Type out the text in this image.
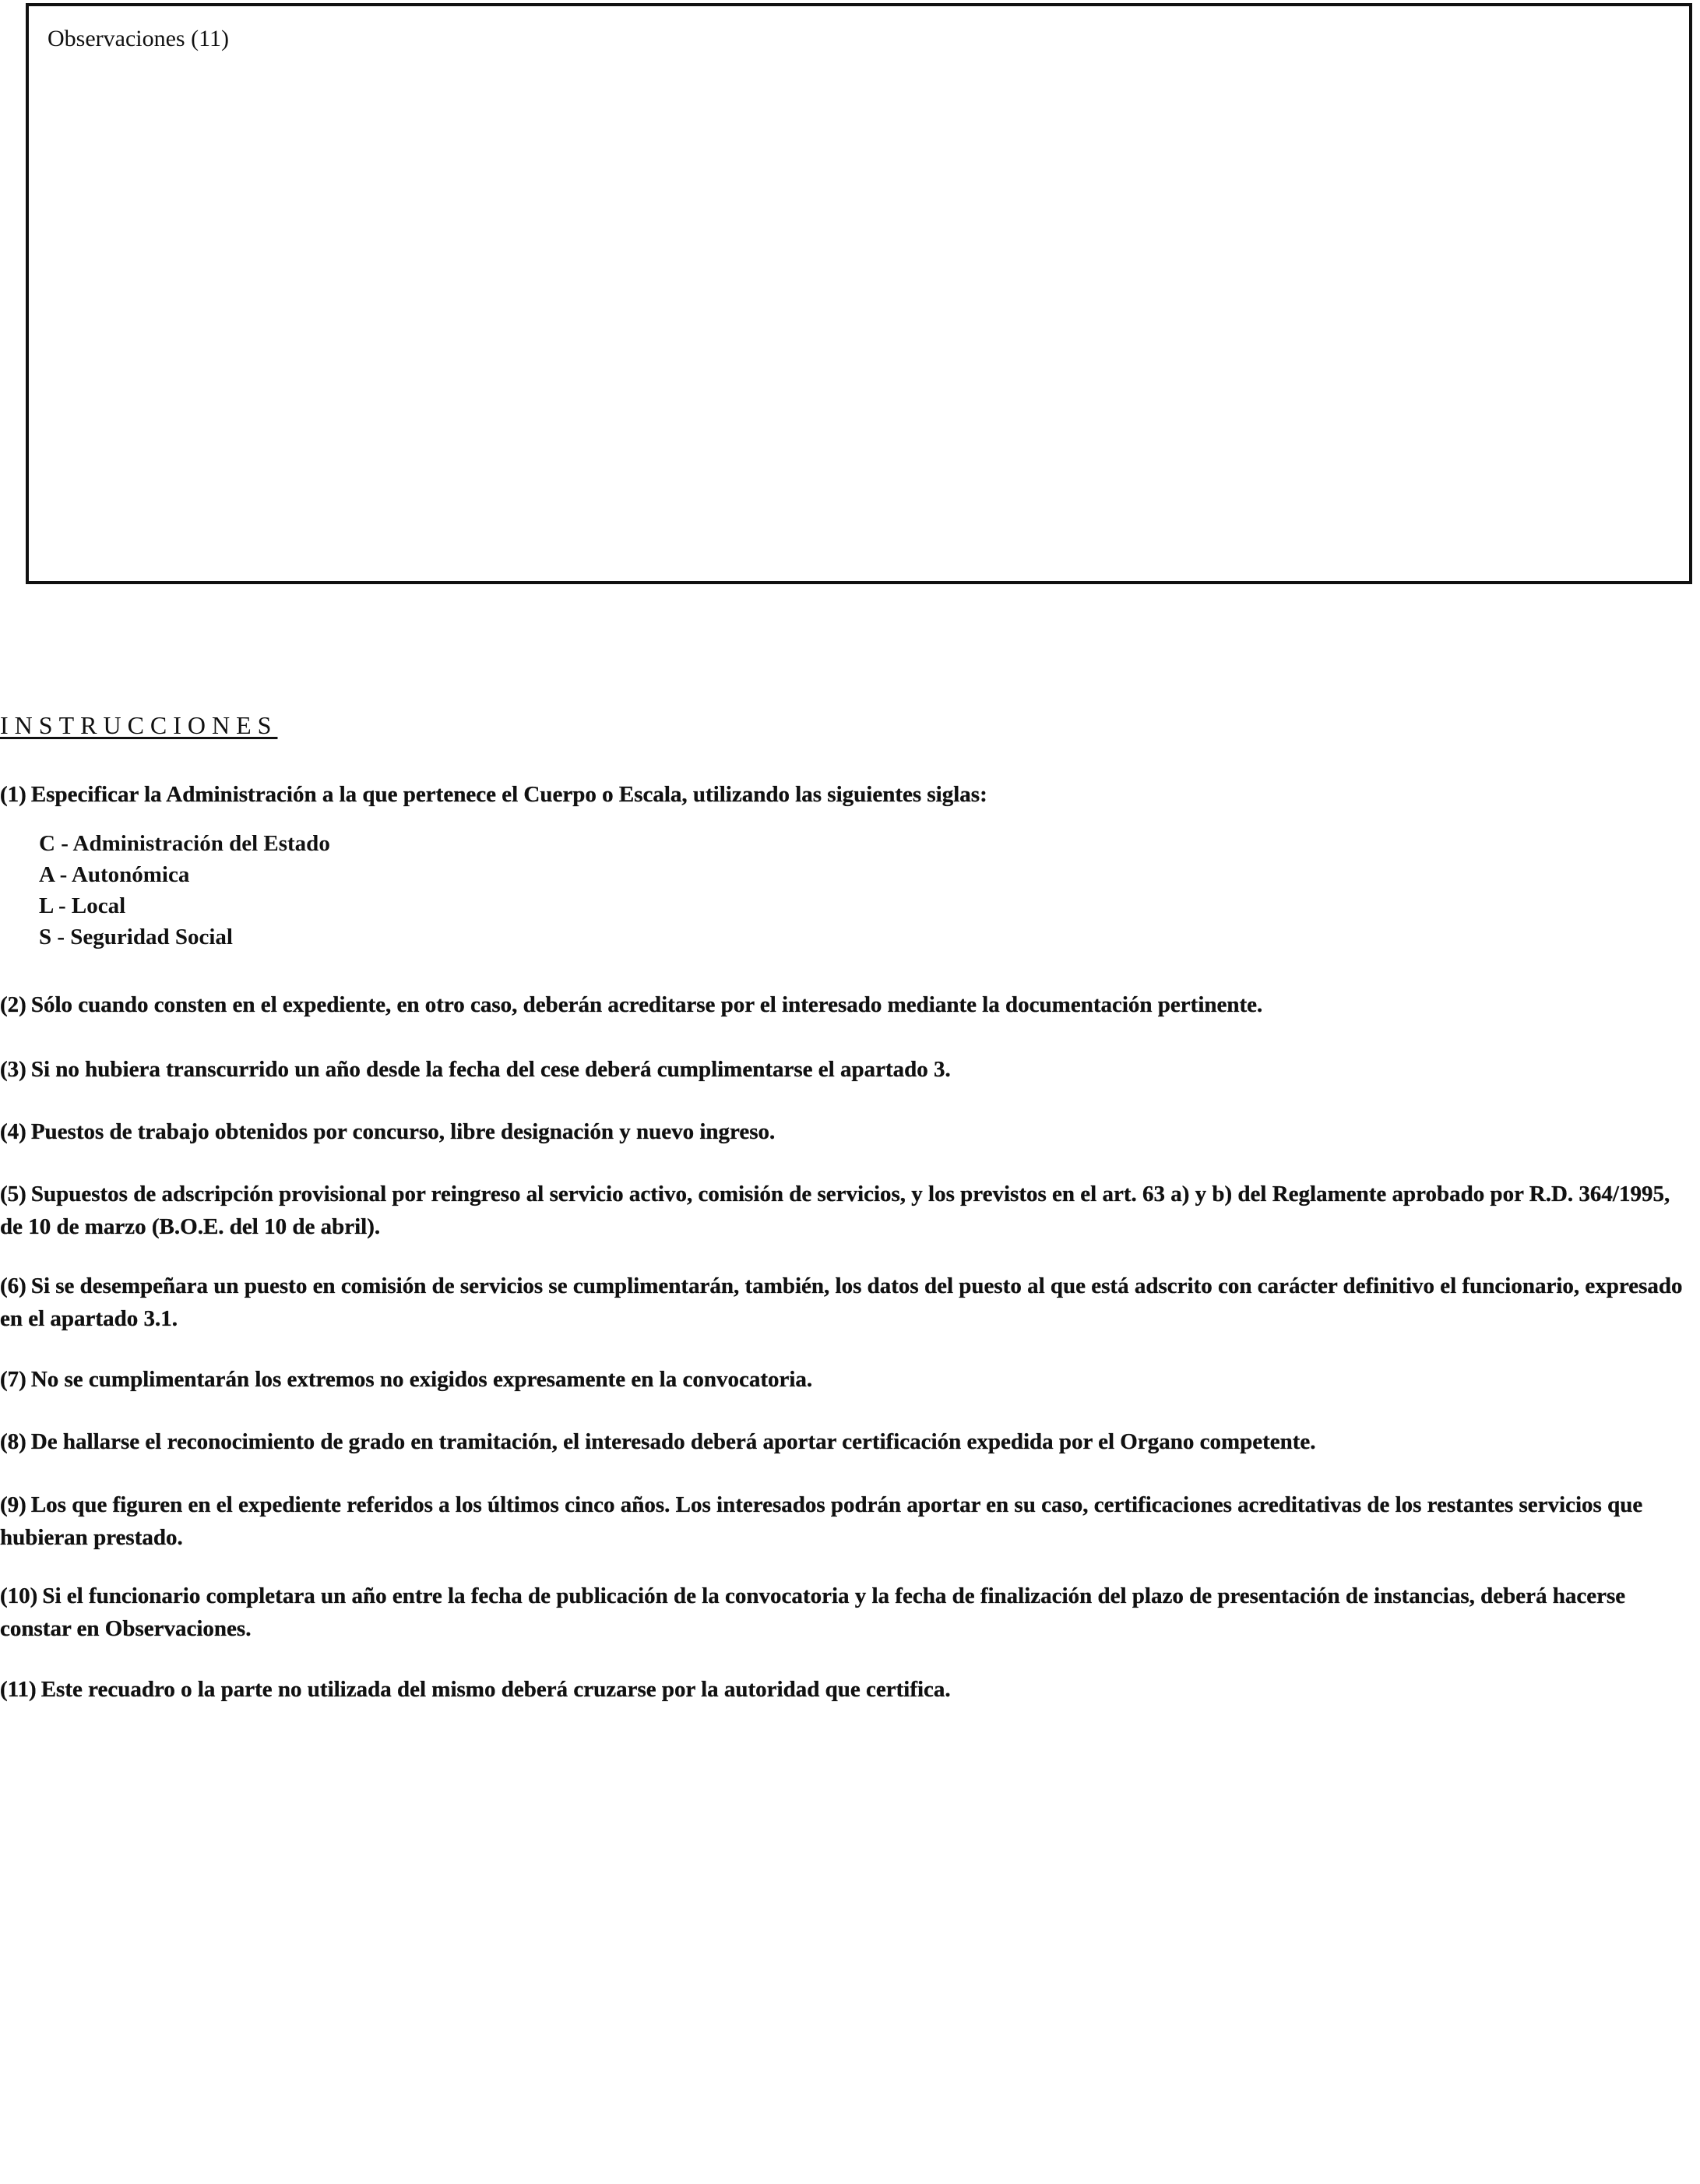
Observaciones (11)
INSTRUCCIONES
(1) Especificar la Administración a la que pertenece el Cuerpo o Escala, utilizando las siguientes siglas:
C - Administración del Estado
A - Autonómica
L - Local
S - Seguridad Social
(2) Sólo cuando consten en el expediente, en otro caso, deberán acreditarse por el interesado mediante la documentación pertinente.
(3) Si no hubiera transcurrido un año desde la fecha del cese deberá cumplimentarse el apartado 3.
(4) Puestos de trabajo obtenidos por concurso, libre designación y nuevo ingreso.
(5) Supuestos de adscripción provisional por reingreso al servicio activo, comisión de servicios, y los previstos en el art. 63 a) y b) del Reglamente aprobado por R.D. 364/1995, de 10 de marzo (B.O.E. del 10 de abril).
(6) Si se desempeñara un puesto en comisión de servicios se cumplimentarán, también, los datos del puesto al que está adscrito con carácter definitivo el funcionario, expresado en el apartado 3.1.
(7) No se cumplimentarán los extremos no exigidos expresamente en la convocatoria.
(8) De hallarse el reconocimiento de grado en tramitación, el interesado deberá aportar certificación expedida por el Organo competente.
(9) Los que figuren en el expediente referidos a los últimos cinco años. Los interesados podrán aportar en su caso, certificaciones acreditativas de los restantes servicios que hubieran prestado.
(10) Si el funcionario completara un año entre la fecha de publicación de la convocatoria y la fecha de finalización del plazo de presentación de instancias, deberá hacerse constar en Observaciones.
(11) Este recuadro o la parte no utilizada del mismo deberá cruzarse por la autoridad que certifica.
